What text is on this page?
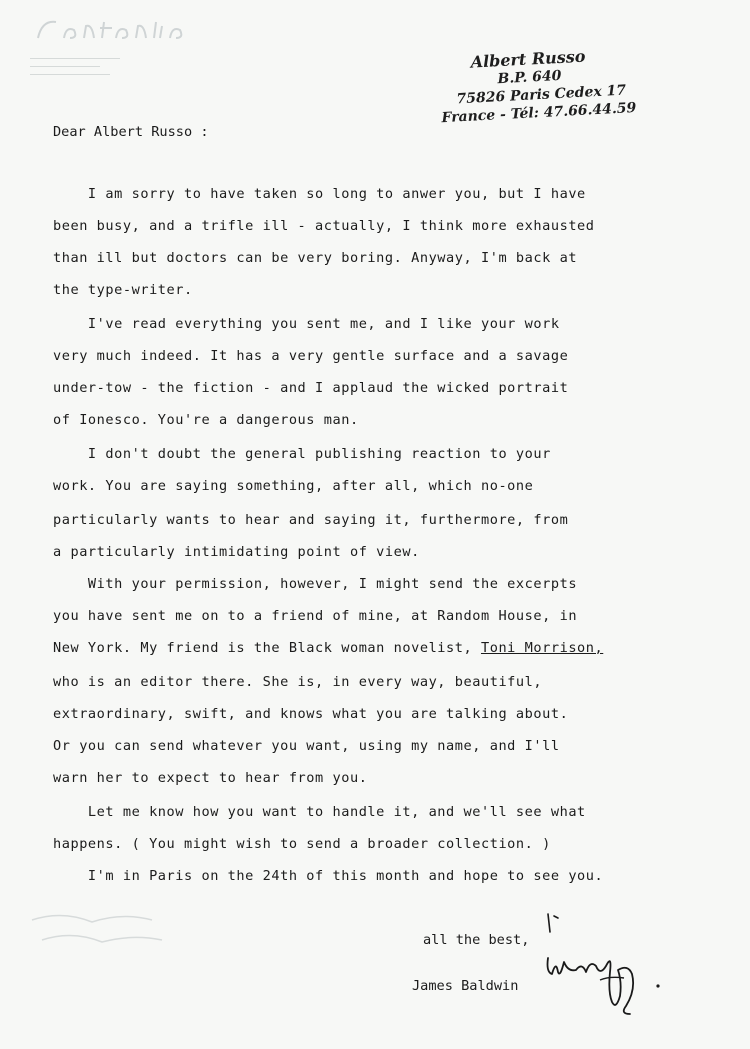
ﾠ
Albert Russo
B.P. 640
75826 Paris Cedex 17
France - Tél: 47.66.44.59
Dear Albert Russo :
I am sorry to have taken so long to anwer you, but I have
been busy, and a trifle ill - actually, I think more exhausted
than ill but doctors can be very boring. Anyway, I'm back at
the type-writer.
I've read everything you sent me, and I like your work
very much indeed. It has a very gentle surface and a savage
under-tow - the fiction - and I applaud the wicked portrait
of Ionesco. You're a dangerous man.
I don't doubt the general publishing reaction to your
work. You are saying something, after all, which no-one
particularly wants to hear and saying it, furthermore, from
a particularly intimidating point of view.
With your permission, however, I might send the excerpts
you have sent me on to a friend of mine, at Random House, in
New York. My friend is the Black woman novelist, Toni Morrison,
who is an editor there. She is, in every way, beautiful,
extraordinary, swift, and knows what you are talking about.
Or you can send whatever you want, using my name, and I'll
warn her to expect to hear from you.
Let me know how you want to handle it, and we'll see what
happens. ( You might wish to send a broader collection. )
I'm in Paris on the 24th of this month and hope to see you.
all the best,
James Baldwin
